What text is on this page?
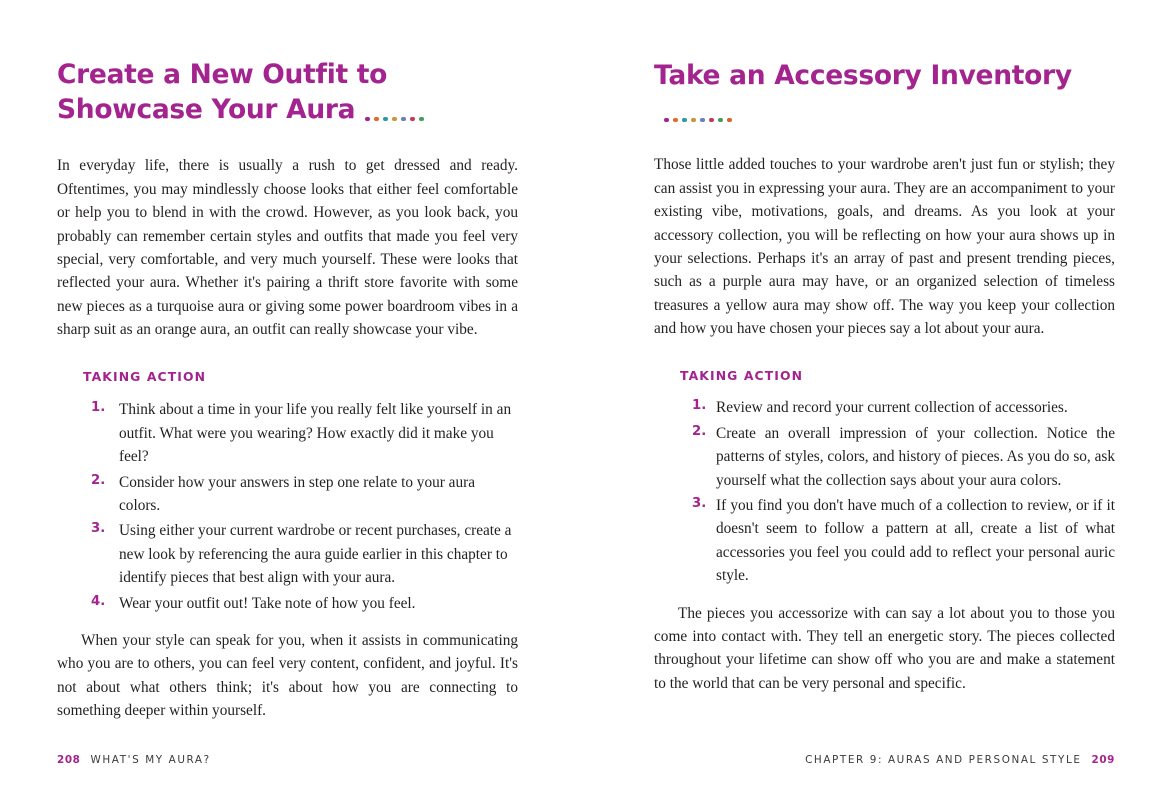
Create a New Outfit to Showcase Your Aura

In everyday life, there is usually a rush to get dressed and ready. Oftentimes, you may mindlessly choose looks that either feel comfortable or help you to blend in with the crowd. However, as you look back, you probably can remember certain styles and outfits that made you feel very special, very comfortable, and very much yourself. These were looks that reflected your aura. Whether it's pairing a thrift store favorite with some new pieces as a turquoise aura or giving some power boardroom vibes in a sharp suit as an orange aura, an outfit can really showcase your vibe.

TAKING ACTION
Think about a time in your life you really felt like yourself in an outfit. What were you wearing? How exactly did it make you feel?
Consider how your answers in step one relate to your aura colors.
Using either your current wardrobe or recent purchases, create a new look by referencing the aura guide earlier in this chapter to identify pieces that best align with your aura.
Wear your outfit out! Take note of how you feel.

When your style can speak for you, when it assists in communicating who you are to others, you can feel very content, confident, and joyful. It's not about what others think; it's about how you are connecting to something deeper within yourself.

208 WHAT'S MY AURA?
Take an Accessory Inventory

Those little added touches to your wardrobe aren't just fun or stylish; they can assist you in expressing your aura. They are an accompaniment to your existing vibe, motivations, goals, and dreams. As you look at your accessory collection, you will be reflecting on how your aura shows up in your selections. Perhaps it's an array of past and present trending pieces, such as a purple aura may have, or an organized selection of timeless treasures a yellow aura may show off. The way you keep your collection and how you have chosen your pieces say a lot about your aura.

TAKING ACTION
Review and record your current collection of accessories.
Create an overall impression of your collection. Notice the patterns of styles, colors, and history of pieces. As you do so, ask yourself what the collection says about your aura colors.
If you find you don't have much of a collection to review, or if it doesn't seem to follow a pattern at all, create a list of what accessories you feel you could add to reflect your personal auric style.

The pieces you accessorize with can say a lot about you to those you come into contact with. They tell an energetic story. The pieces collected throughout your lifetime can show off who you are and make a statement to the world that can be very personal and specific.

CHAPTER 9: AURAS AND PERSONAL STYLE 209
